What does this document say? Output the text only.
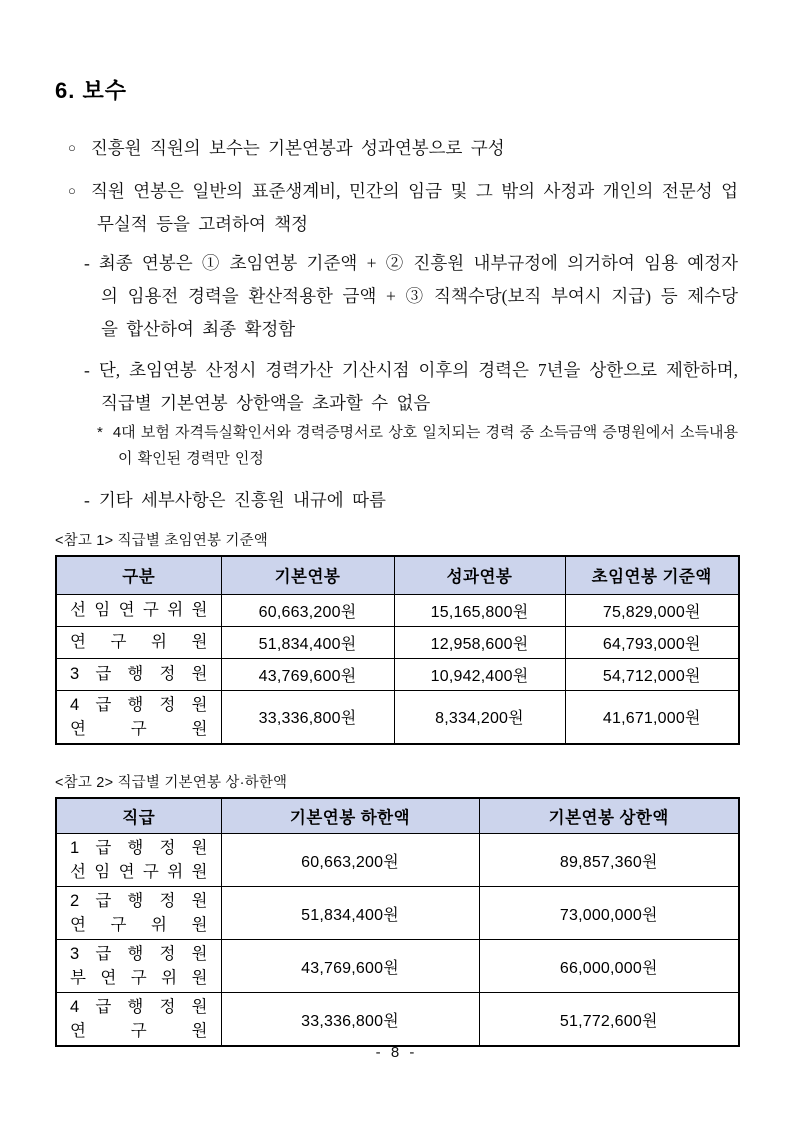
6. 보수
○ 진흥원 직원의 보수는 기본연봉과 성과연봉으로 구성
○ 직원 연봉은 일반의 표준생계비, 민간의 임금 및 그 밖의 사정과 개인의 전문성 업무실적 등을 고려하여 책정
- 최종 연봉은 ① 초임연봉 기준액 + ② 진흥원 내부규정에 의거하여 임용 예정자의 임용전 경력을 환산적용한 금액 + ③ 직책수당(보직 부여시 지급) 등 제수당을 합산하여 최종 확정함
- 단, 초임연봉 산정시 경력가산 기산시점 이후의 경력은 7년을 상한으로 제한하며, 직급별 기본연봉 상한액을 초과할 수 없음
* 4대 보험 자격득실확인서와 경력증명서로 상호 일치되는 경력 중 소득금액 증명원에서 소득내용이 확인된 경력만 인정
- 기타 세부사항은 진흥원 내규에 따름
<참고 1> 직급별 초임연봉 기준액
구분	기본연봉	성과연봉	초임연봉 기준액

선 임 연 구 위 원	60,663,200원	15,165,800원	75,829,000원

연 구 위 원	51,834,400원	12,958,600원	64,793,000원

3 급 행 정 원	43,769,600원	10,942,400원	54,712,000원

4 급 행 정 원
연 구 원	33,336,800원	8,334,200원	41,671,000원
<참고 2> 직급별 기본연봉 상·하한액
직급	기본연봉 하한액	기본연봉 상한액

1 급 행 정 원
선 임 연 구 위 원	60,663,200원	89,857,360원

2 급 행 정 원
연 구 위 원	51,834,400원	73,000,000원

3 급 행 정 원
부 연 구 위 원	43,769,600원	66,000,000원

4 급 행 정 원
연 구 원	33,336,800원	51,772,600원
- 8 -
